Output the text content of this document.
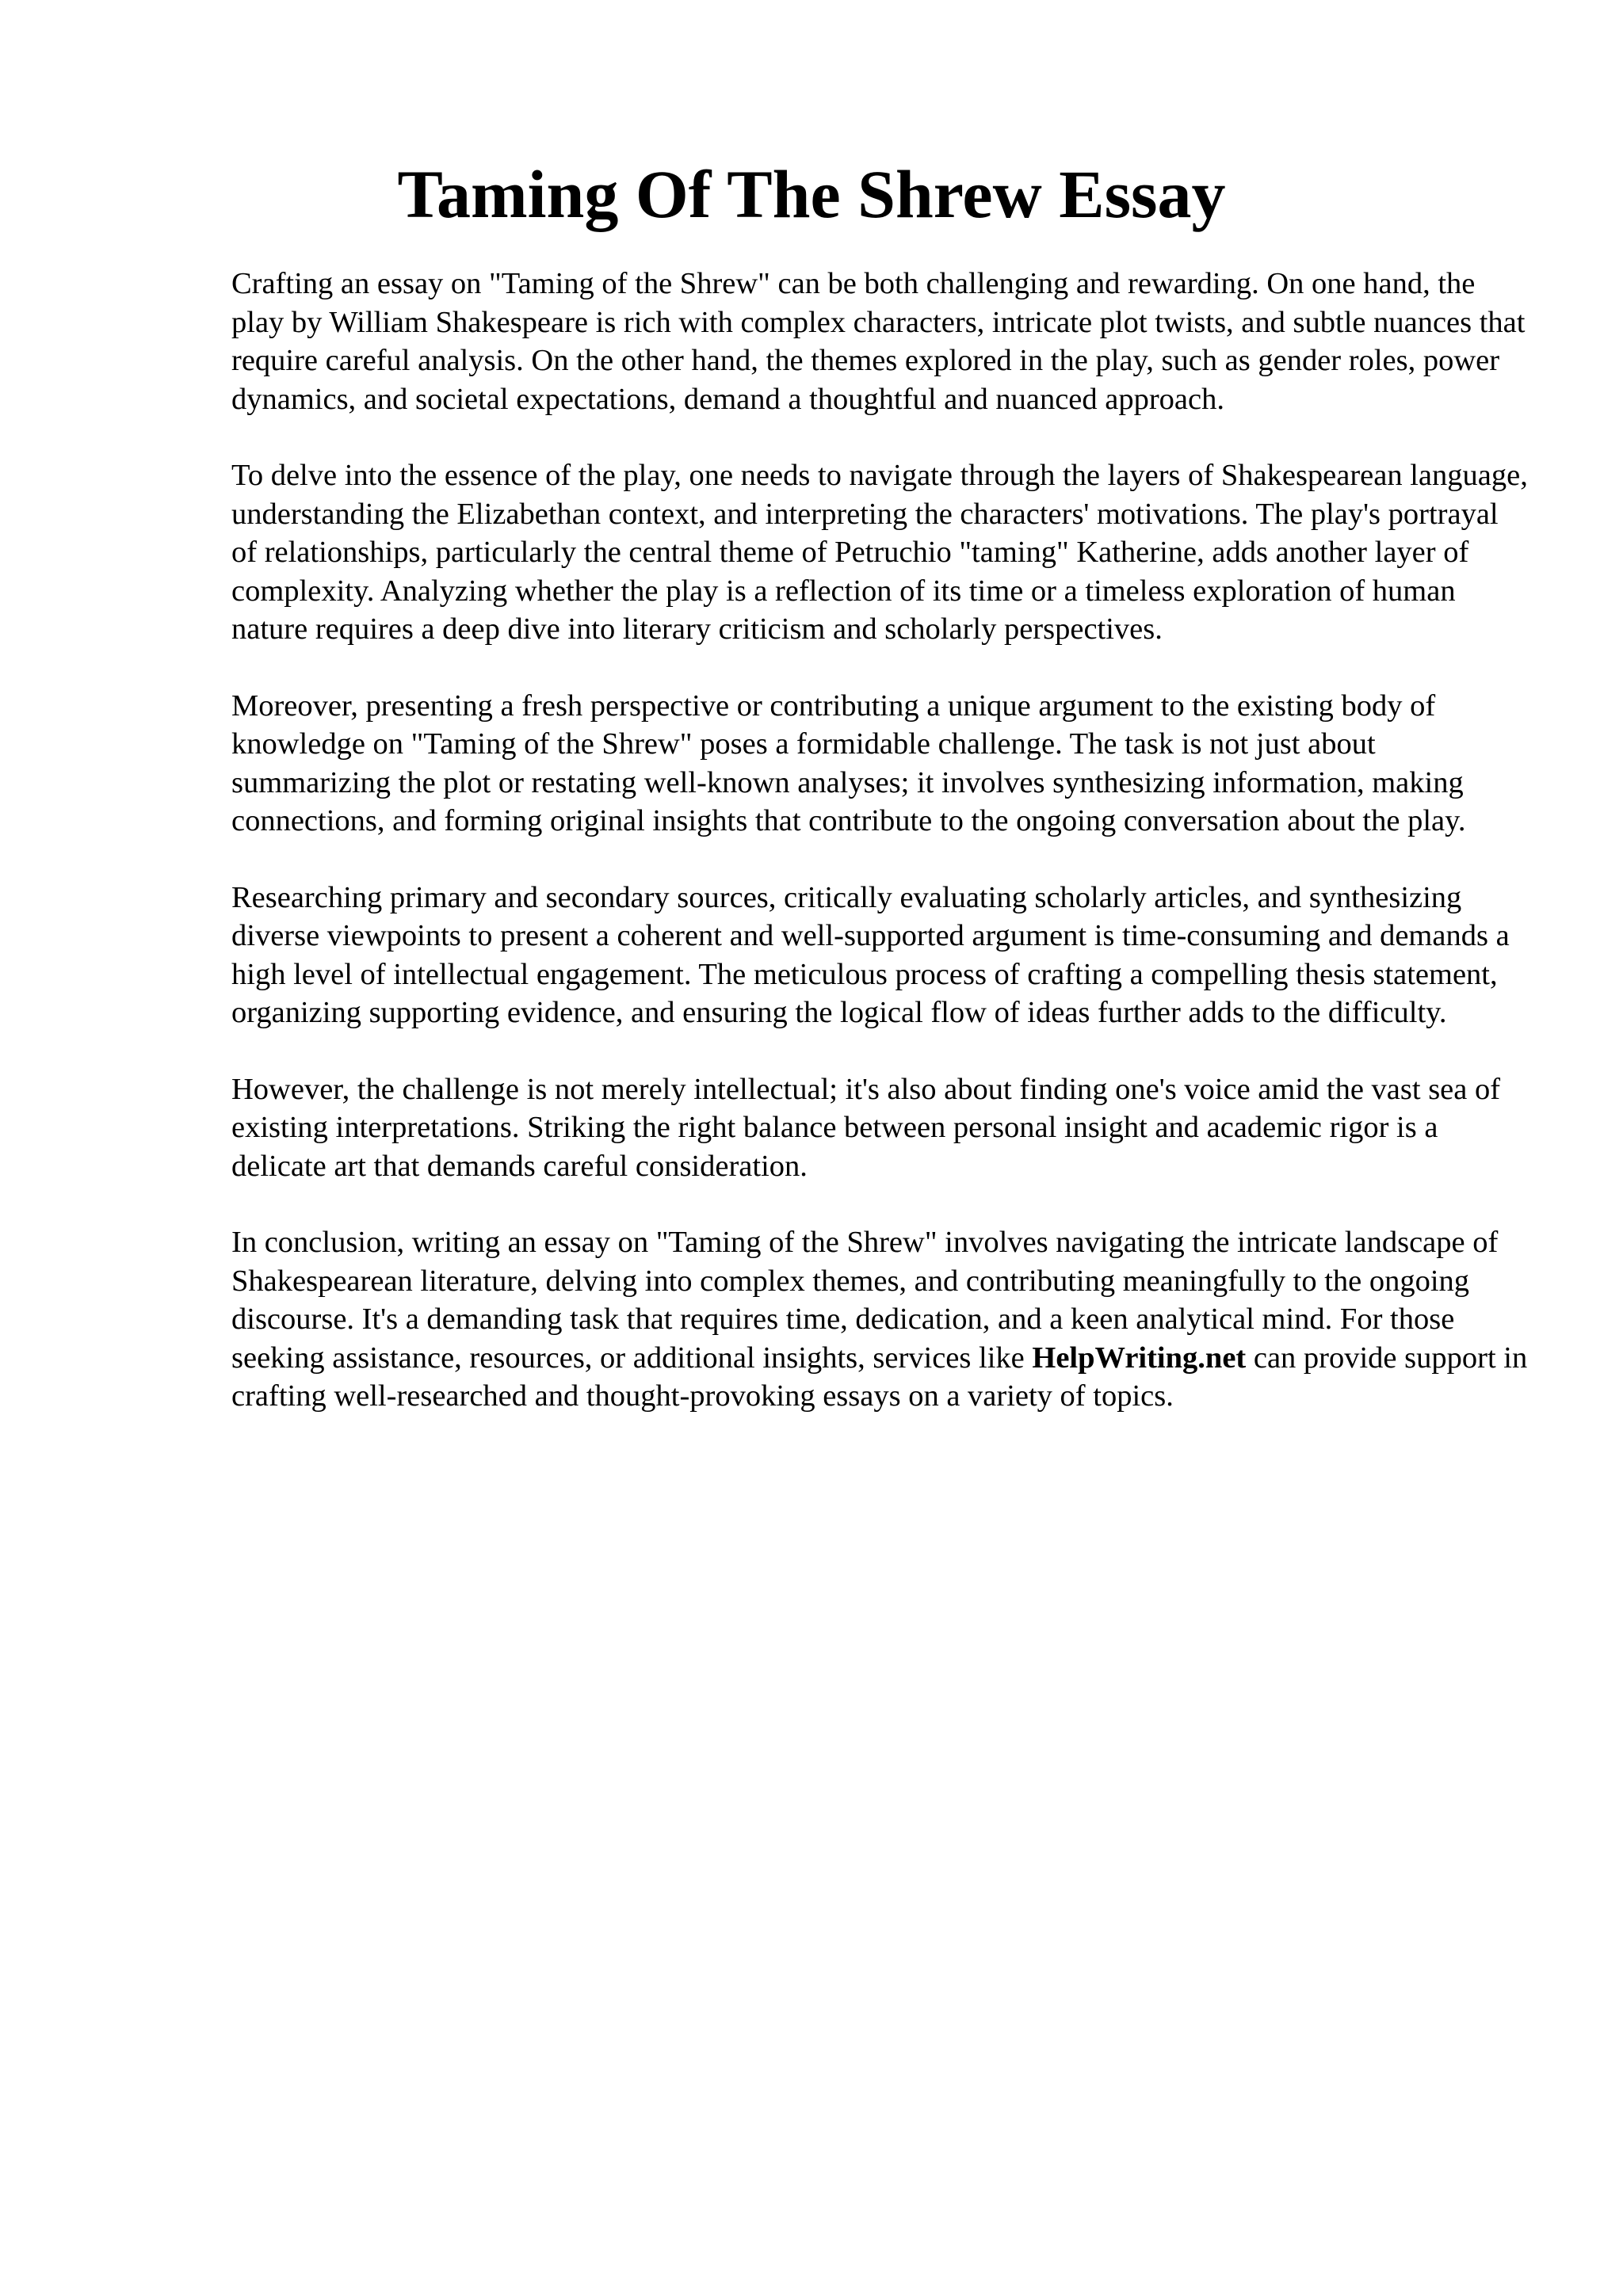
Taming Of The Shrew Essay

Crafting an essay on "Taming of the Shrew" can be both challenging and rewarding. On one hand, the play by William Shakespeare is rich with complex characters, intricate plot twists, and subtle nuances that require careful analysis. On the other hand, the themes explored in the play, such as gender roles, power dynamics, and societal expectations, demand a thoughtful and nuanced approach.

To delve into the essence of the play, one needs to navigate through the layers of Shakespearean language, understanding the Elizabethan context, and interpreting the characters' motivations. The play's portrayal of relationships, particularly the central theme of Petruchio "taming" Katherine, adds another layer of complexity. Analyzing whether the play is a reflection of its time or a timeless exploration of human nature requires a deep dive into literary criticism and scholarly perspectives.

Moreover, presenting a fresh perspective or contributing a unique argument to the existing body of knowledge on "Taming of the Shrew" poses a formidable challenge. The task is not just about summarizing the plot or restating well-known analyses; it involves synthesizing information, making connections, and forming original insights that contribute to the ongoing conversation about the play.

Researching primary and secondary sources, critically evaluating scholarly articles, and synthesizing diverse viewpoints to present a coherent and well-supported argument is time-consuming and demands a high level of intellectual engagement. The meticulous process of crafting a compelling thesis statement, organizing supporting evidence, and ensuring the logical flow of ideas further adds to the difficulty.

However, the challenge is not merely intellectual; it's also about finding one's voice amid the vast sea of existing interpretations. Striking the right balance between personal insight and academic rigor is a delicate art that demands careful consideration.

In conclusion, writing an essay on "Taming of the Shrew" involves navigating the intricate landscape of Shakespearean literature, delving into complex themes, and contributing meaningfully to the ongoing discourse. It's a demanding task that requires time, dedication, and a keen analytical mind. For those seeking assistance, resources, or additional insights, services like HelpWriting.net can provide support in crafting well-researched and thought-provoking essays on a variety of topics.
